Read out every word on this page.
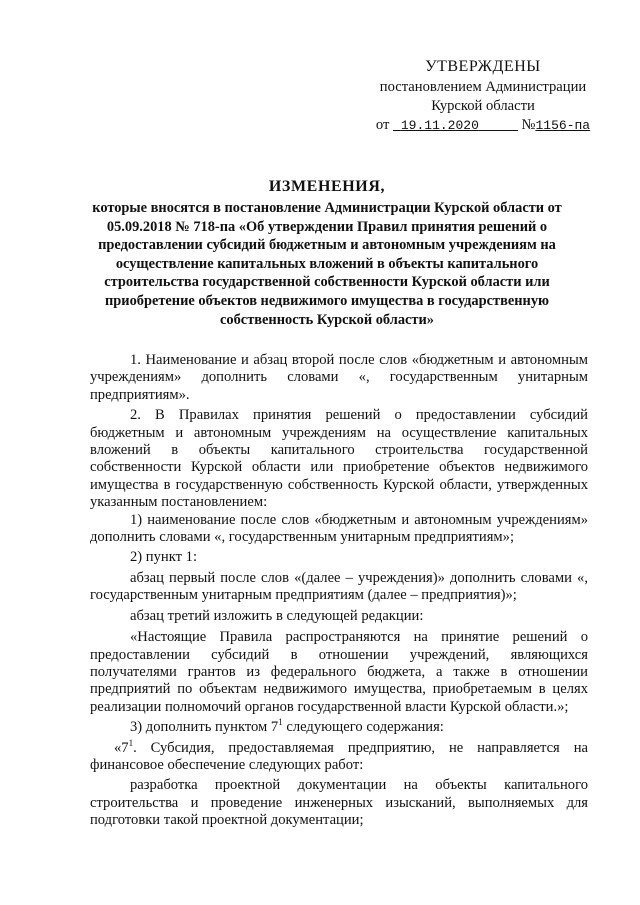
УТВЕРЖДЕНЫ
постановлением Администрации
Курской области
от 19.11.2020	№1156-па
ИЗМЕНЕНИЯ,
которые вносятся в постановление Администрации Курской области от 05.09.2018 № 718-па «Об утверждении Правил принятия решений о предоставлении субсидий бюджетным и автономным учреждениям на осуществление капитальных вложений в объекты капитального строительства государственной собственности Курской области или приобретение объектов недвижимого имущества в государственную собственность Курской области»

1. Наименование и абзац второй после слов «бюджетным и автономным учреждениям» дополнить словами «, государственным унитарным предприятиям».

2. В Правилах принятия решений о предоставлении субсидий бюджетным и автономным учреждениям на осуществление капитальных вложений в объекты капитального строительства государственной собственности Курской области или приобретение объектов недвижимого имущества в государственную собственность Курской области, утвержденных указанным постановлением:

1) наименование после слов «бюджетным и автономным учреждениям» дополнить словами «, государственным унитарным предприятиям»;

2) пункт 1:

абзац первый после слов «(далее – учреждения)» дополнить словами «, государственным унитарным предприятиям (далее – предприятия)»;

абзац третий изложить в следующей редакции:

«Настоящие Правила распространяются на принятие решений о предоставлении субсидий в отношении учреждений, являющихся получателями грантов из федерального бюджета, а также в отношении предприятий по объектам недвижимого имущества, приобретаемым в целях реализации полномочий органов государственной власти Курской области.»;

3) дополнить пунктом $7^1$ следующего содержания:

«$7^1$. Субсидия, предоставляемая предприятию, не направляется на финансовое обеспечение следующих работ:

разработка проектной документации на объекты капитального строительства и проведение инженерных изысканий, выполняемых для подготовки такой проектной документации;
